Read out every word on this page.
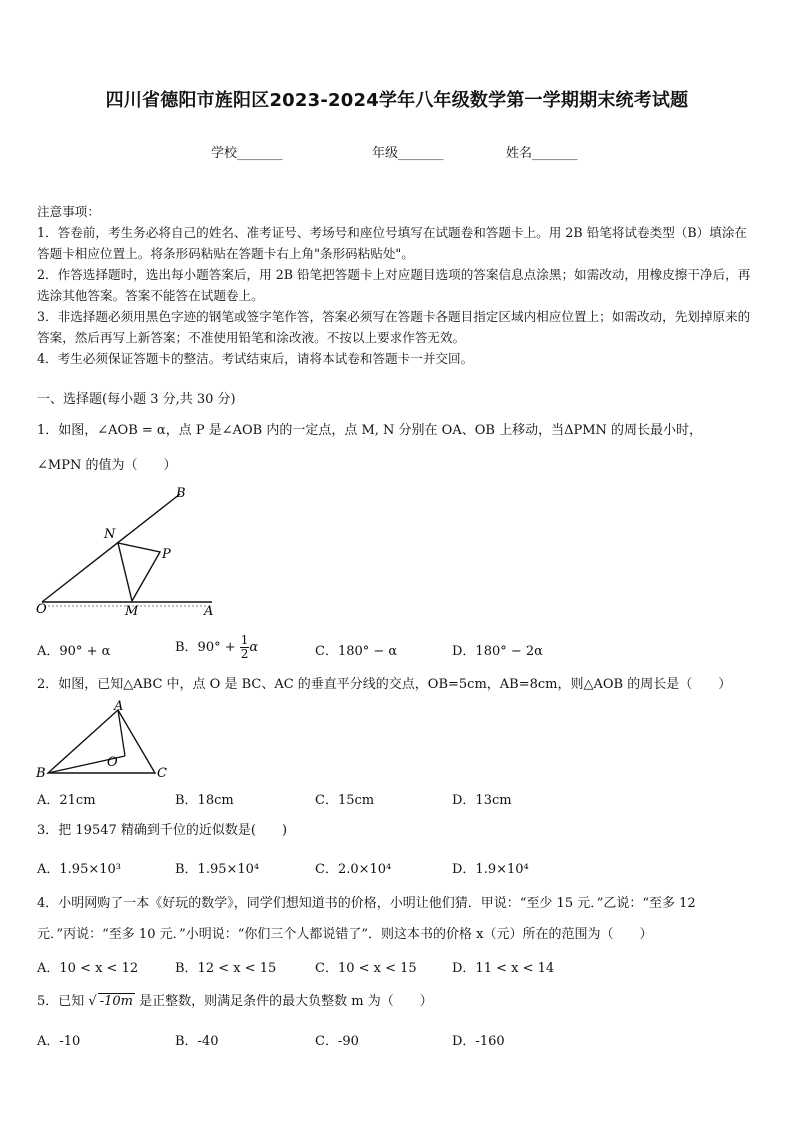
四川省德阳市旌阳区2023-2024学年八年级数学第一学期期末统考试题
学校_______	年级_______	姓名_______
注意事项：
1．答卷前，考生务必将自己的姓名、准考证号、考场号和座位号填写在试题卷和答题卡上。用 2B 铅笔将试卷类型（B）填涂在答题卡相应位置上。将条形码粘贴在答题卡右上角"条形码粘贴处"。
2．作答选择题时，选出每小题答案后，用 2B 铅笔把答题卡上对应题目选项的答案信息点涂黑；如需改动，用橡皮擦干净后，再选涂其他答案。答案不能答在试题卷上。
3．非选择题必须用黑色字迹的钢笔或签字笔作答，答案必须写在答题卡各题目指定区域内相应位置上；如需改动，先划掉原来的答案，然后再写上新答案；不准使用铅笔和涂改液。不按以上要求作答无效。
4．考生必须保证答题卡的整洁。考试结束后，请将本试卷和答题卡一并交回。
一、选择题(每小题 3 分,共 30 分)
1．如图，∠AOB = α，点 P 是∠AOB 内的一定点，点 M, N 分别在 OA、OB 上移动，当ΔPMN 的周长最小时，
∠MPN 的值为（　　）
B
N
P
O	M	A
A．90° + α	B．$90^\circ + \frac{1}{2}$ α	C．180° − α	D．180° − 2α
2．如图，已知△ABC 中，点 O 是 BC、AC 的垂直平分线的交点，OB=5cm，AB=8cm，则△AOB 的周长是（　　）
A
O
B	C
A．21cm	B．18cm	C．15cm	D．13cm
3．把 19547 精确到千位的近似数是(　　)
A．1.95×10³	B．1.95×10⁴	C．2.0×10⁴	D．1.9×10⁴
4．小明网购了一本《好玩的数学》，同学们想知道书的价格，小明让他们猜．甲说：“至少 15 元．”乙说：“至多 12
元．”丙说：“至多 10 元．”小明说：“你们三个人都说错了”．则这本书的价格 x（元）所在的范围为（　　）
A．10 < x < 12	B．12 < x < 15	C．10 < x < 15	D．11 < x < 14
5．已知 √ -10m 是正整数，则满足条件的最大负整数 m 为（　　）
A．-10	B．-40	C．-90	D．-160
